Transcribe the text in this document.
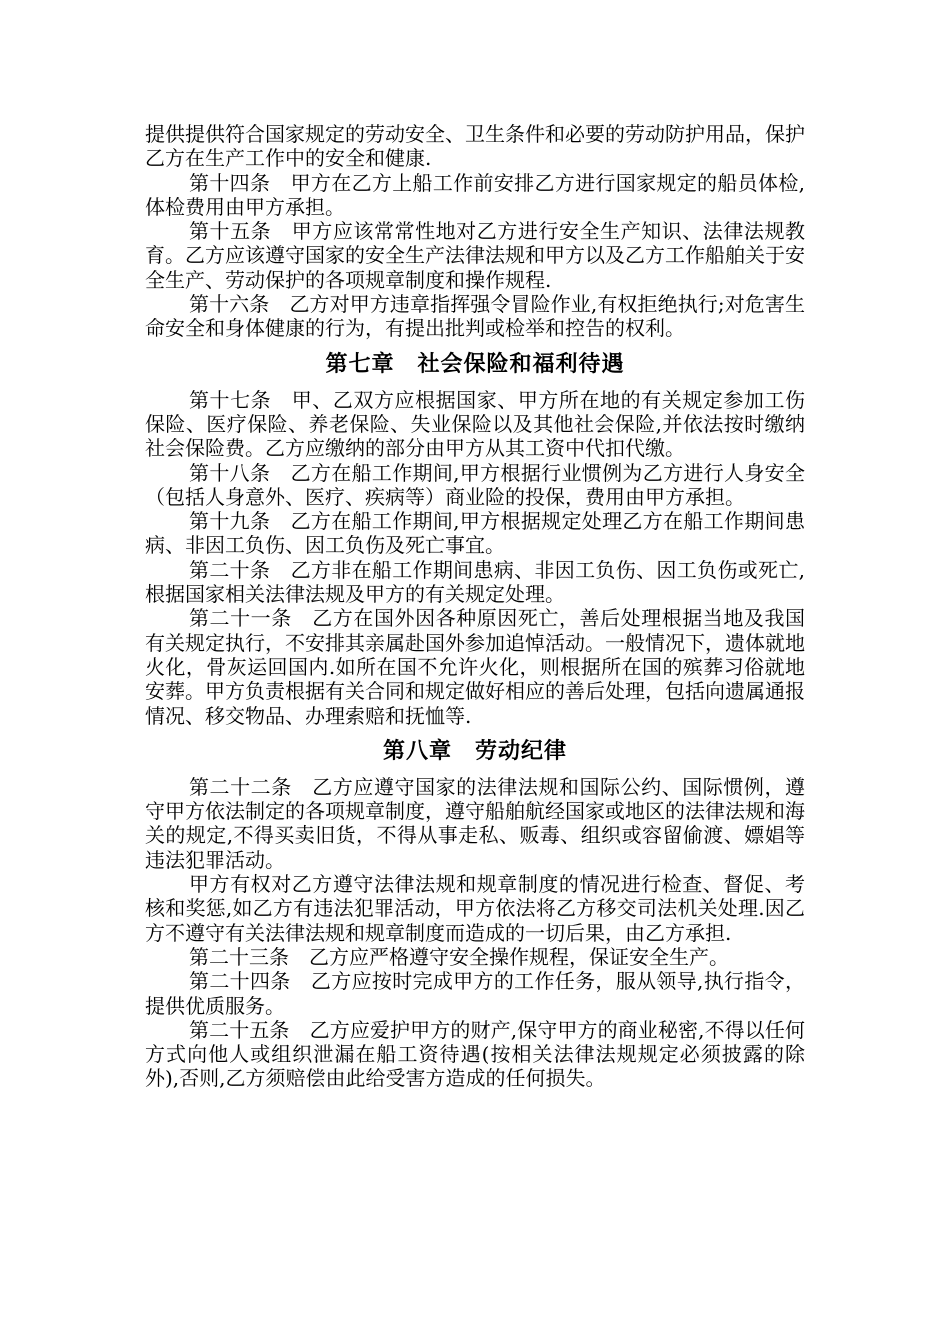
提供提供符合国家规定的劳动安全、卫生条件和必要的劳动防护用品，保护乙方在生产工作中的安全和健康.

第十四条　甲方在乙方上船工作前安排乙方进行国家规定的船员体检,体检费用由甲方承担。

第十五条　甲方应该常常性地对乙方进行安全生产知识、法律法规教育。乙方应该遵守国家的安全生产法律法规和甲方以及乙方工作船舶关于安全生产、劳动保护的各项规章制度和操作规程.

第十六条　乙方对甲方违章指挥强令冒险作业,有权拒绝执行;对危害生命安全和身体健康的行为，有提出批判或检举和控告的权利。

第七章　社会保险和福利待遇

第十七条　甲、乙双方应根据国家、甲方所在地的有关规定参加工伤保险、医疗保险、养老保险、失业保险以及其他社会保险,并依法按时缴纳社会保险费。乙方应缴纳的部分由甲方从其工资中代扣代缴。

第十八条　乙方在船工作期间,甲方根据行业惯例为乙方进行人身安全（包括人身意外、医疗、疾病等）商业险的投保，费用由甲方承担。

第十九条　乙方在船工作期间,甲方根据规定处理乙方在船工作期间患病、非因工负伤、因工负伤及死亡事宜。

第二十条　乙方非在船工作期间患病、非因工负伤、因工负伤或死亡,根据国家相关法律法规及甲方的有关规定处理。

第二十一条　乙方在国外因各种原因死亡，善后处理根据当地及我国有关规定执行，不安排其亲属赴国外参加追悼活动。一般情况下，遗体就地火化，骨灰运回国内.如所在国不允许火化，则根据所在国的殡葬习俗就地安葬。甲方负责根据有关合同和规定做好相应的善后处理，包括向遗属通报情况、移交物品、办理索赔和抚恤等.

第八章　劳动纪律

第二十二条　乙方应遵守国家的法律法规和国际公约、国际惯例，遵守甲方依法制定的各项规章制度，遵守船舶航经国家或地区的法律法规和海关的规定,不得买卖旧货，不得从事走私、贩毒、组织或容留偷渡、嫖娼等违法犯罪活动。

甲方有权对乙方遵守法律法规和规章制度的情况进行检查、督促、考核和奖惩,如乙方有违法犯罪活动，甲方依法将乙方移交司法机关处理.因乙方不遵守有关法律法规和规章制度而造成的一切后果，由乙方承担.

第二十三条　乙方应严格遵守安全操作规程，保证安全生产。

第二十四条　乙方应按时完成甲方的工作任务，服从领导,执行指令，提供优质服务。

第二十五条　乙方应爱护甲方的财产,保守甲方的商业秘密,不得以任何方式向他人或组织泄漏在船工资待遇(按相关法律法规规定必须披露的除外),否则,乙方须赔偿由此给受害方造成的任何损失。
